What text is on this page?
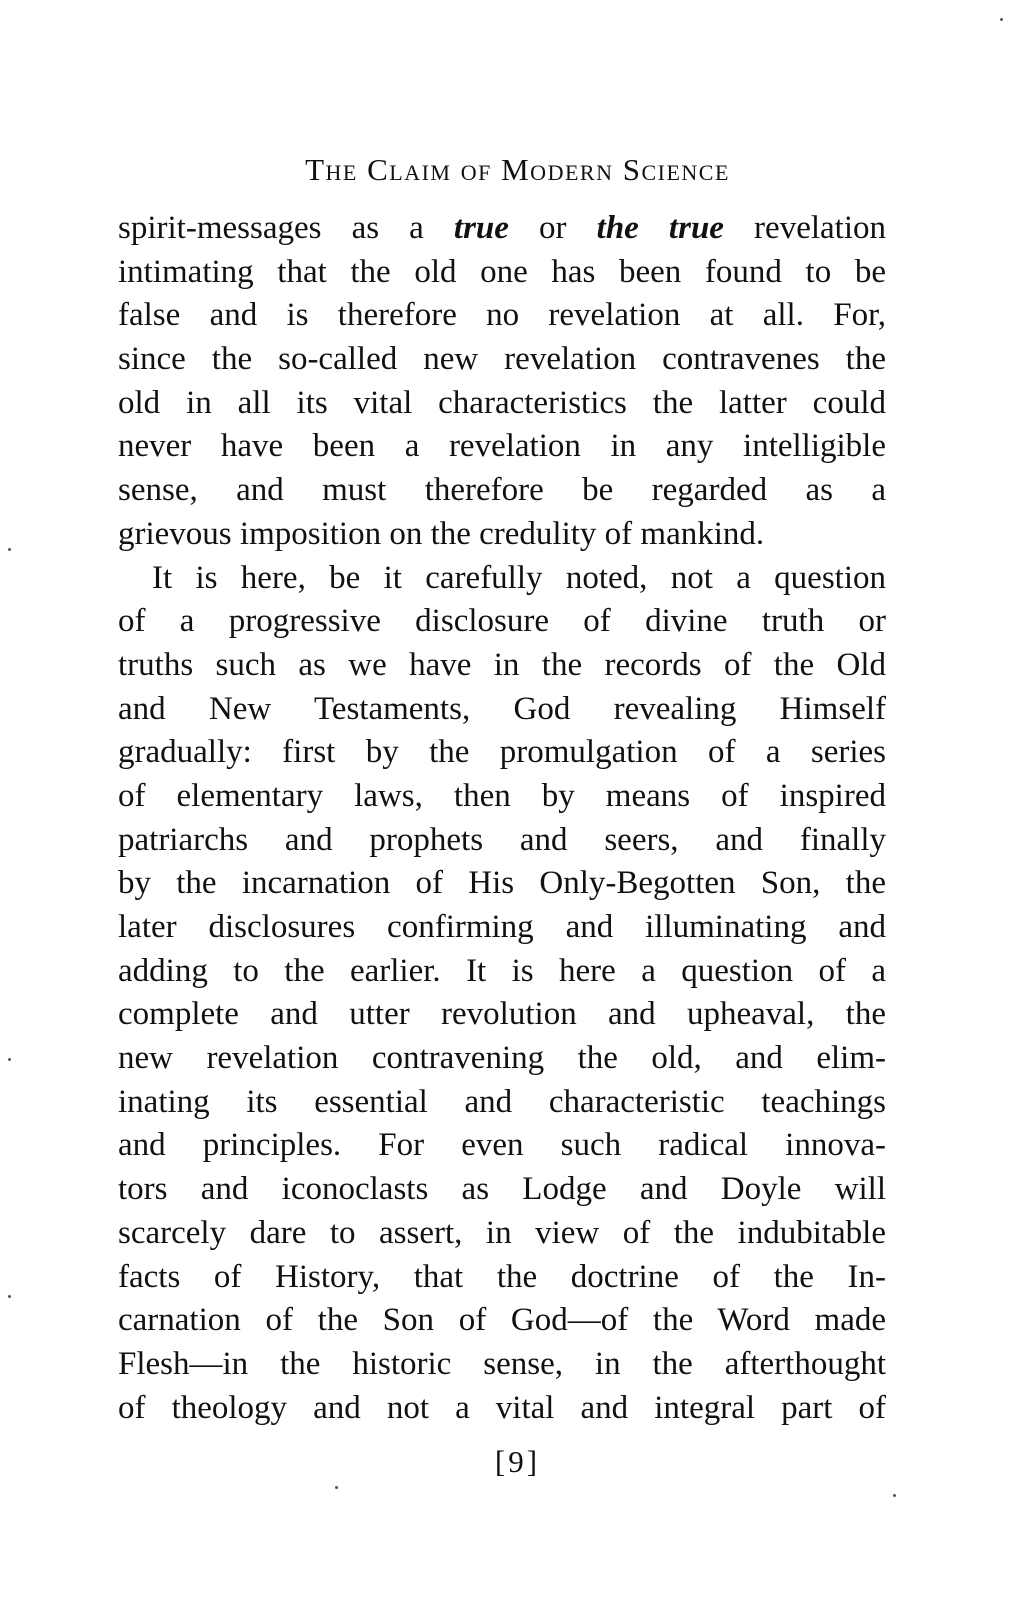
The Claim of Modern Science
spirit-messages as a true or the true revelation
intimating that the old one has been found to be
false and is therefore no revelation at all. For,
since the so-called new revelation contravenes the
old in all its vital characteristics the latter could
never have been a revelation in any intelligible
sense, and must therefore be regarded as a
grievous imposition on the credulity of mankind.
It is here, be it carefully noted, not a question
of a progressive disclosure of divine truth or
truths such as we have in the records of the Old
and New Testaments, God revealing Himself
gradually: first by the promulgation of a series
of elementary laws, then by means of inspired
patriarchs and prophets and seers, and finally
by the incarnation of His Only-Begotten Son, the
later disclosures confirming and illuminating and
adding to the earlier. It is here a question of a
complete and utter revolution and upheaval, the
new revelation contravening the old, and elim-
inating its essential and characteristic teachings
and principles. For even such radical innova-
tors and iconoclasts as Lodge and Doyle will
scarcely dare to assert, in view of the indubitable
facts of History, that the doctrine of the In-
carnation of the Son of God—of the Word made
Flesh—in the historic sense, in the afterthought
of theology and not a vital and integral part of
[9]
